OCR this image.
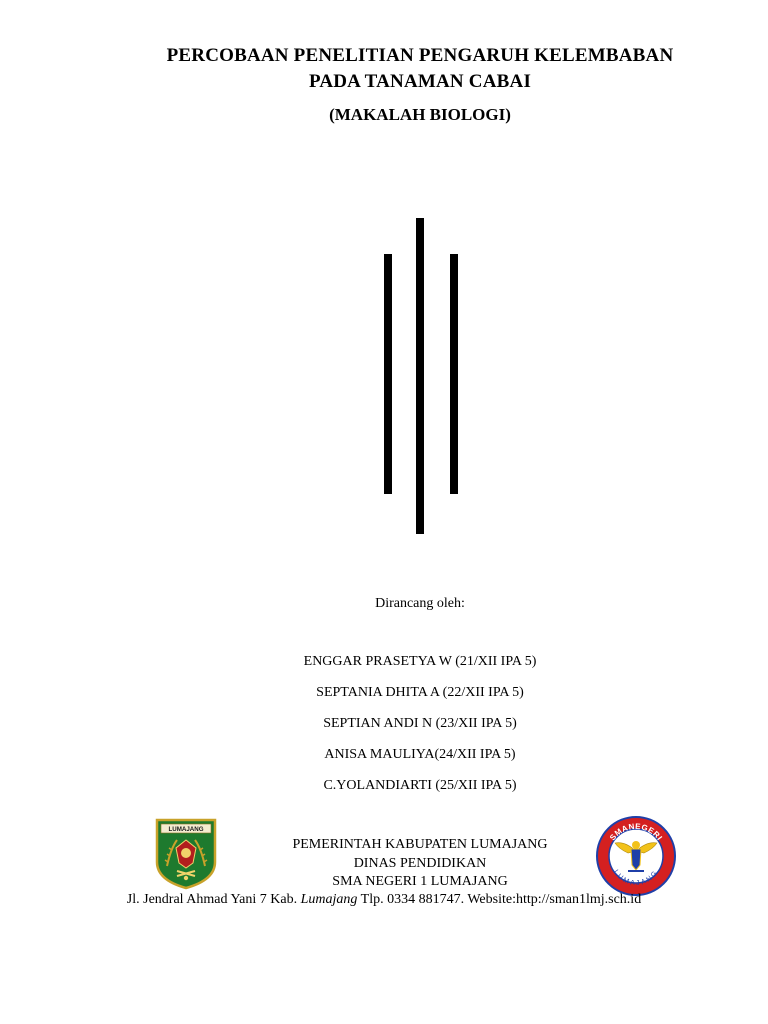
PERCOBAAN PENELITIAN PENGARUH KELEMBABAN
PADA TANAMAN CABAI
(MAKALAH BIOLOGI)
Dirancang oleh:
ENGGAR PRASETYA W (21/XII IPA 5)
SEPTANIA DHITA A (22/XII IPA 5)
SEPTIAN ANDI N (23/XII IPA 5)
ANISA MAULIYA(24/XII IPA 5)
C.YOLANDIARTI (25/XII IPA 5)
LUMAJANG
PEMERINTAH KABUPATEN LUMAJANG
DINAS PENDIDIKAN
SMA NEGERI 1 LUMAJANG
SMANEGERI
LUMAJANG
Jl. Jendral Ahmad Yani 7 Kab. Lumajang Tlp. 0334 881747. Website:http://sman1lmj.sch.id
